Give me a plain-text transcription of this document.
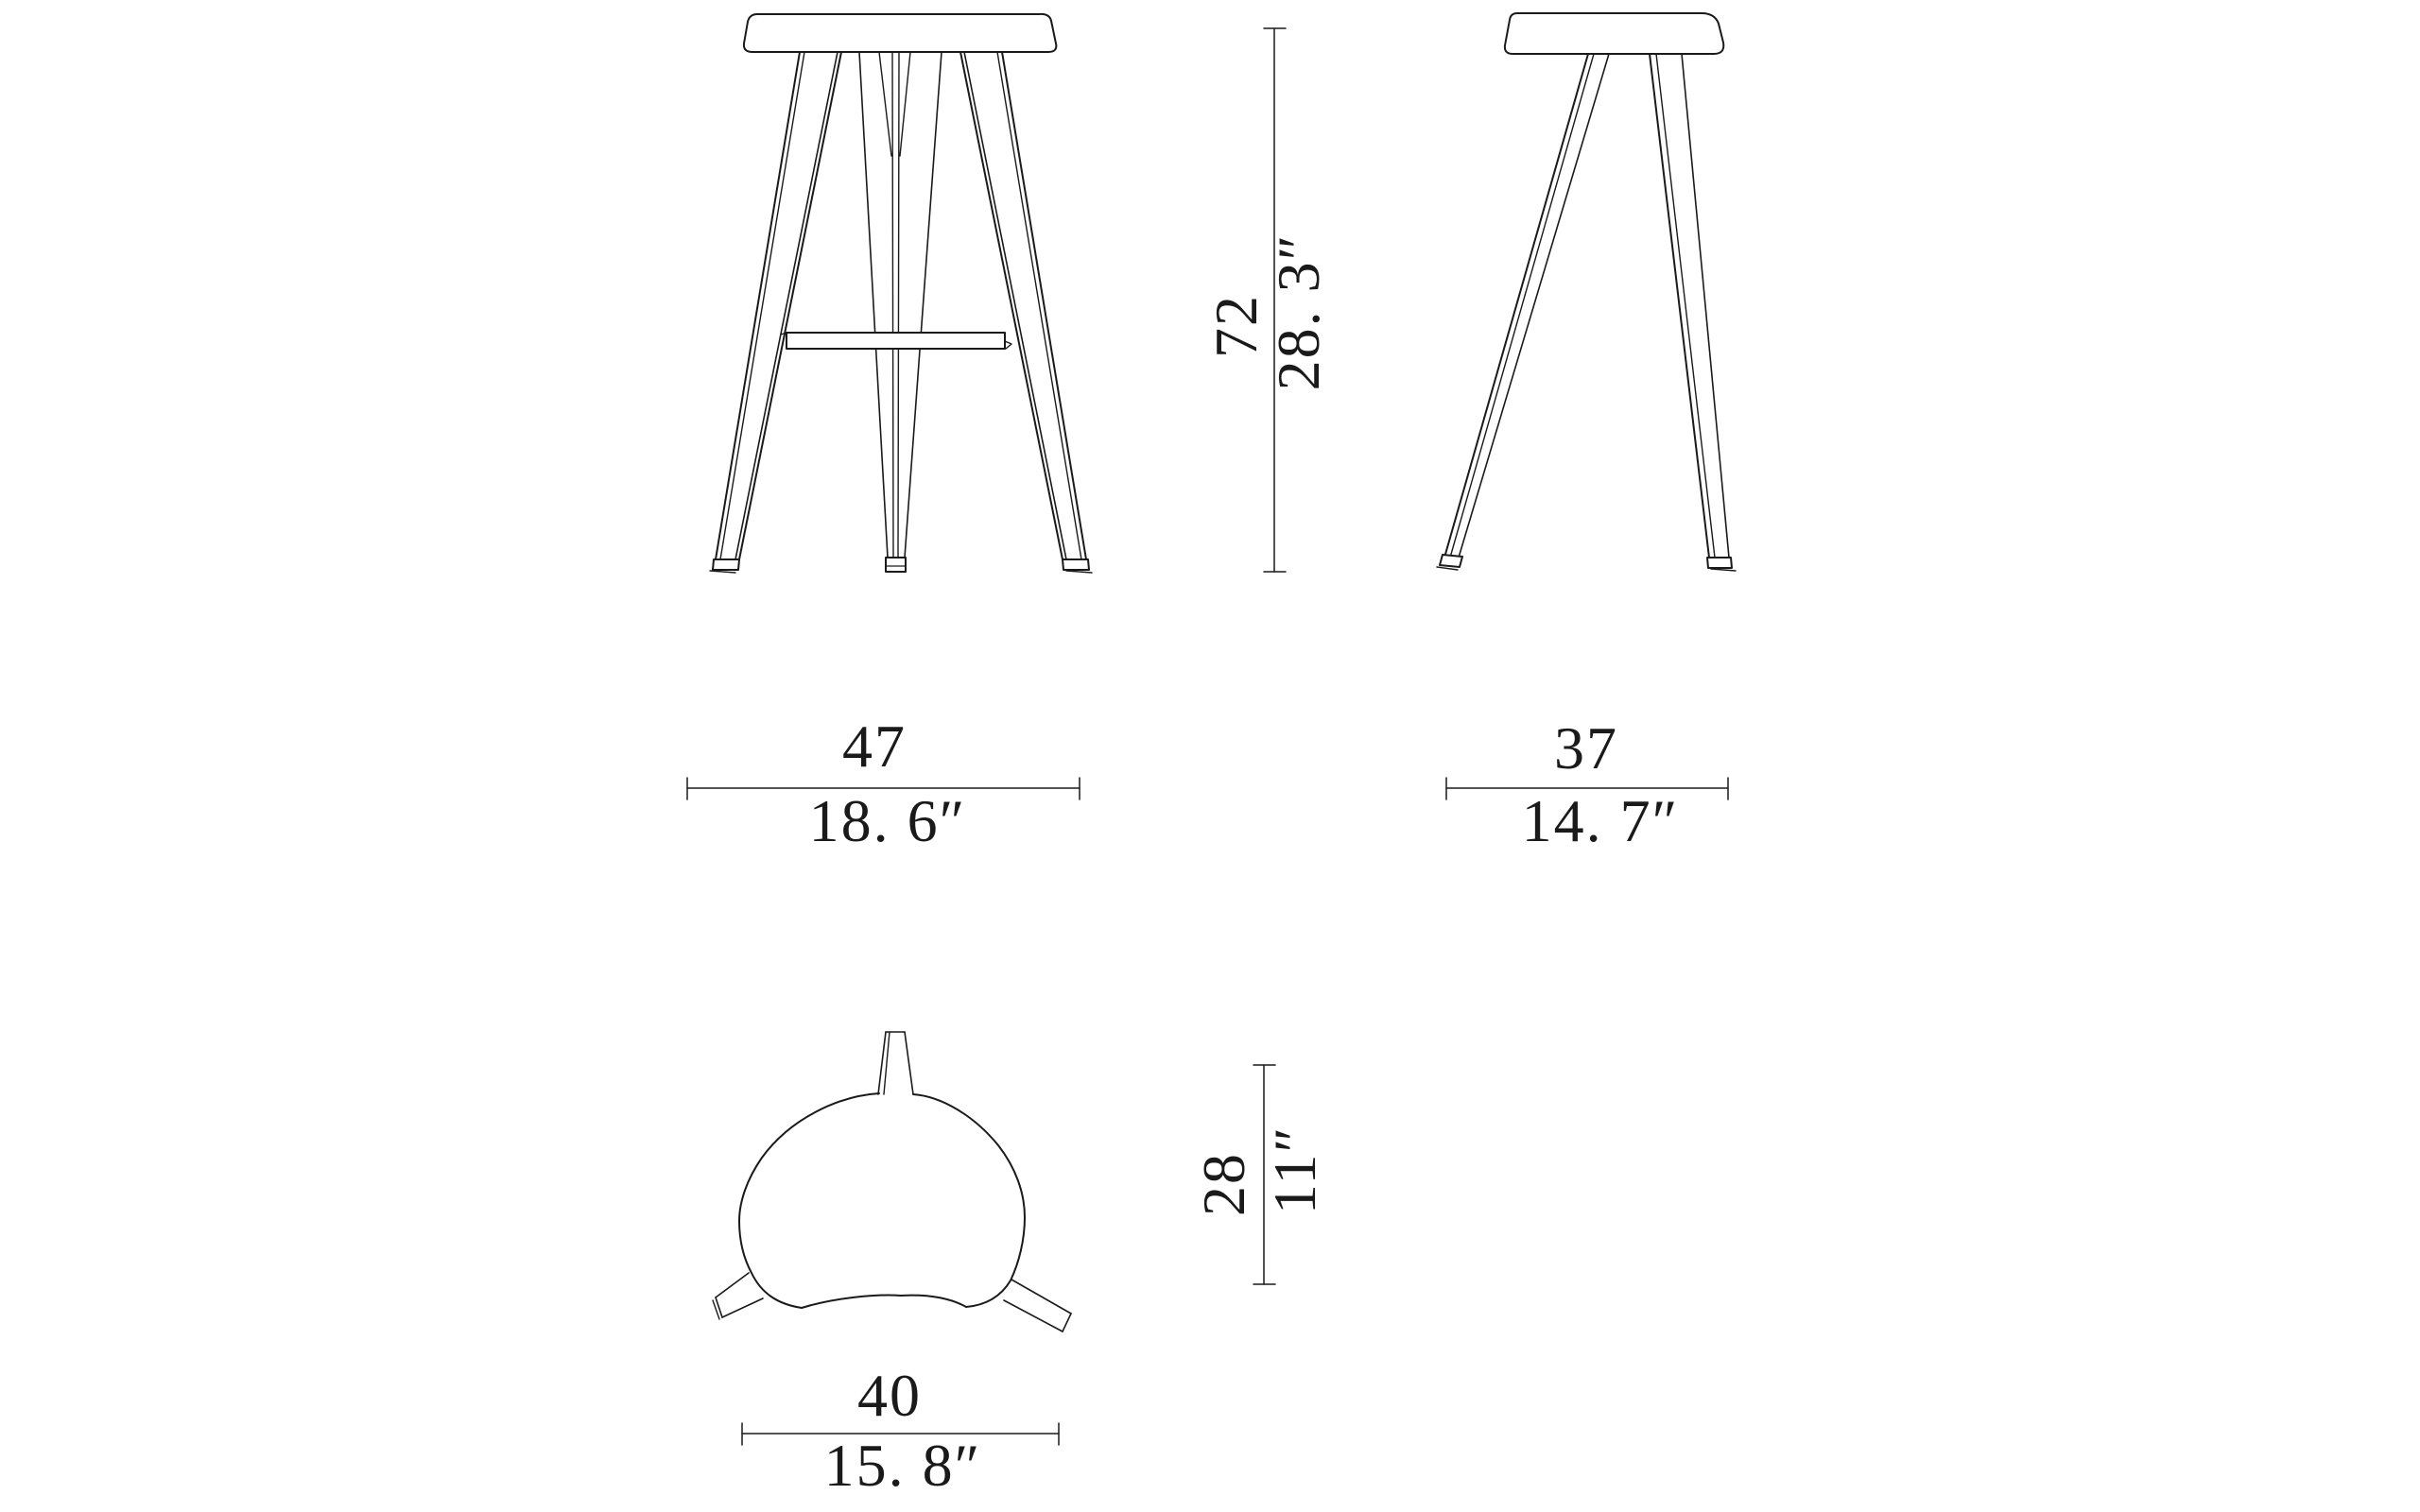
72
28. 3″
47
18. 6″
37
14. 7″
28 11″
40
15. 8″
